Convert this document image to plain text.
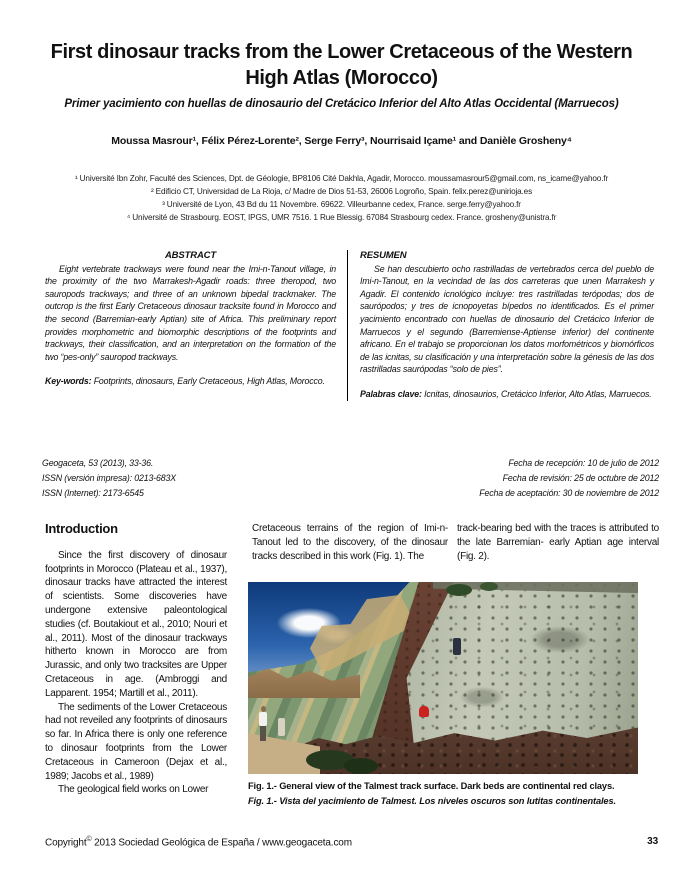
First dinosaur tracks from the Lower Cretaceous of the Western
High Atlas (Morocco)
Primer yacimiento con huellas de dinosaurio del Cretácico Inferior del Alto Atlas Occidental (Marruecos)
Moussa Masrour¹, Félix Pérez-Lorente², Serge Ferry³, Nourrisaid Içame¹ and Danièle Grosheny⁴
¹ Université Ibn Zohr, Faculté des Sciences, Dpt. de Géologie, BP8106 Cité Dakhla, Agadir, Morocco. moussamasrour5@gmail.com, ns_icame@yahoo.fr
² Edificio CT, Universidad de La Rioja, c/ Madre de Dios 51-53, 26006 Logroño, Spain. felix.perez@unirioja.es
³ Université de Lyon, 43 Bd du 11 Novembre. 69622. Villeurbanne cedex, France. serge.ferry@yahoo.fr
⁴ Université de Strasbourg. EOST, IPGS, UMR 7516. 1 Rue Blessig. 67084 Strasbourg cedex. France. grosheny@unistra.fr

ABSTRACT

Eight vertebrate trackways were found near the Imi-n-Tanout village, in the proximity of the two Marrakesh-Agadir roads: three theropod, two sauropods trackways; and three of an unknown bipedal trackmaker. The outcrop is the first Early Cretaceous dinosaur tracksite found in Morocco and the second (Barremian-early Aptian) site of Africa. This preliminary report provides morphometric and biomorphic descriptions of the footprints and trackways, their classification, and an interpretation on the formation of the two “pes-only” sauropod trackways.

Key-words: Footprints, dinosaurs, Early Cretaceous, High Atlas, Morocco.

RESUMEN

Se han descubierto ocho rastrilladas de vertebrados cerca del pueblo de Imi-n-Tanout, en la vecindad de las dos carreteras que unen Marrakesh y Agadir. El contenido icnológico incluye: tres rastrilladas terópodas; dos de saurópodos; y tres de icnopoyetas bípedos no identificados. Es el primer yacimiento encontrado con huellas de dinosaurio del Cretácico Inferior de Marruecos y el segundo (Barremiense-Aptiense inferior) del continente africano. En el trabajo se proporcionan los datos morfométricos y biomórficos de las icnitas, su clasificación y una interpretación sobre la génesis de las dos rastrilladas saurópodas “solo de pies”.

Palabras clave: Icnitas, dinosaurios, Cretácico Inferior, Alto Atlas, Marruecos.

Geogaceta, 53 (2013), 33-36.
ISSN (versión impresa): 0213-683X
ISSN (Internet): 2173-6545
Fecha de recepción: 10 de julio de 2012
Fecha de revisión: 25 de octubre de 2012
Fecha de aceptación: 30 de noviembre de 2012
Introduction

Since the first discovery of dinosaur footprints in Morocco (Plateau et al., 1937), dinosaur tracks have attracted the interest of scientists. Some discoveries have undergone extensive paleontological studies (cf. Boutakiout et al., 2010; Nouri et al., 2011). Most of the dinosaur trackways hitherto known in Morocco are from Jurassic, and only two tracksites are Upper Cretaceous in age. (Ambroggi and Lapparent. 1954; Martill et al., 2011).

The sediments of the Lower Cretaceous had not reveiled any footprints of dinosaurs so far. In Africa there is only one reference to dinosaur footprints from the Lower Cretaceous in Cameroon (Dejax et al., 1989; Jacobs et al., 1989)

The geological field works on Lower

Cretaceous terrains of the region of Imi-n-Tanout led to the discovery, of the dinosaur tracks described in this work (Fig. 1). The

track-bearing bed with the traces is attributed to the late Barremian- early Aptian age interval (Fig. 2).

Fig. 1.- General view of the Talmest track surface. Dark beds are continental red clays.
Fig. 1.- Vista del yacimiento de Talmest. Los niveles oscuros son lutitas continentales.
Copyright© 2013 Sociedad Geológica de España / www.geogaceta.com	33
